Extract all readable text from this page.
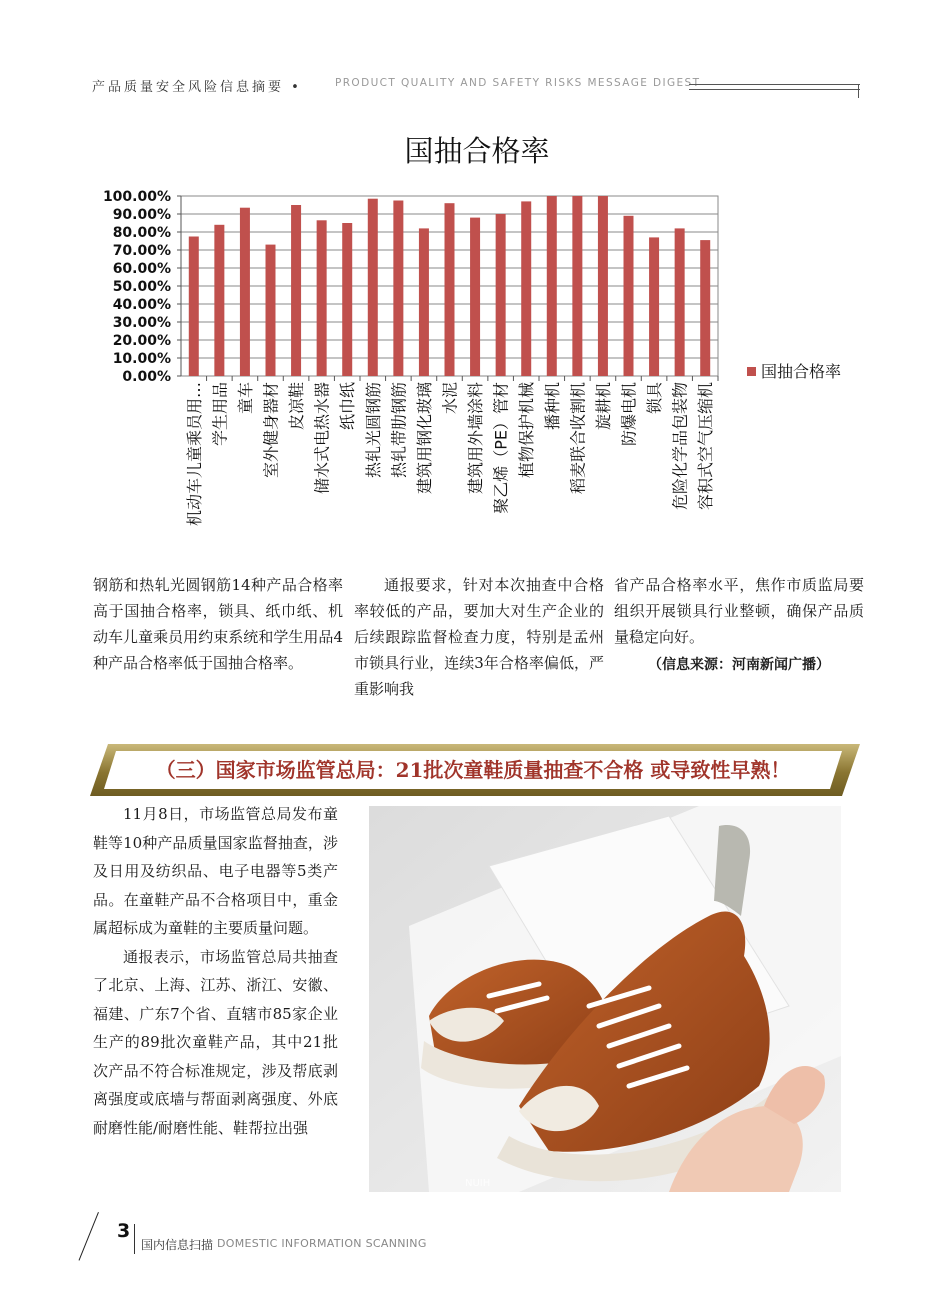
产品质量安全风险信息摘要 •	PRODUCT QUALITY AND SAFETY RISKS MESSAGE DIGEST
国抽合格率
0.00%
10.00%
20.00%
30.00%
40.00%
50.00%
60.00%
70.00%
80.00%
90.00%
100.00%
机动车儿童乘员用… 学生用品 童车 室外健身器材 皮凉鞋 储水式电热水器 纸巾纸 热轧光圆钢筋 热轧带肋钢筋 建筑用钢化玻璃 水泥 建筑用外墙涂料 聚乙烯（PE）管材 植物保护机械 播种机 稻麦联合收割机 旋耕机 防爆电机 锁具 危险化学品包装物 容积式空气压缩机
国抽合格率

钢筋和热轧光圆钢筋14种产品合格率高于国抽合格率，锁具、纸巾纸、机动车儿童乘员用约束系统和学生用品4种产品合格率低于国抽合格率。

通报要求，针对本次抽查中合格率较低的产品，要加大对生产企业的后续跟踪监督检查力度，特别是孟州市锁具行业，连续3年合格率偏低，严重影响我

省产品合格率水平，焦作市质监局要组织开展锁具行业整顿，确保产品质量稳定向好。

（信息来源：河南新闻广播）

（三）国家市场监管总局：21批次童鞋质量抽查不合格 或导致性早熟！

11月8日，市场监管总局发布童鞋等10种产品质量国家监督抽查，涉及日用及纺织品、电子电器等5类产品。在童鞋产品不合格项目中，重金属超标成为童鞋的主要质量问题。

通报表示，市场监管总局共抽查了北京、上海、江苏、浙江、安徽、福建、广东7个省、直辖市85家企业生产的89批次童鞋产品，其中21批次产品不符合标准规定，涉及帮底剥离强度或底墙与帮面剥离强度、外底耐磨性能/耐磨性能、鞋帮拉出强

NUIH
3
国内信息扫描 DOMESTIC INFORMATION SCANNING
